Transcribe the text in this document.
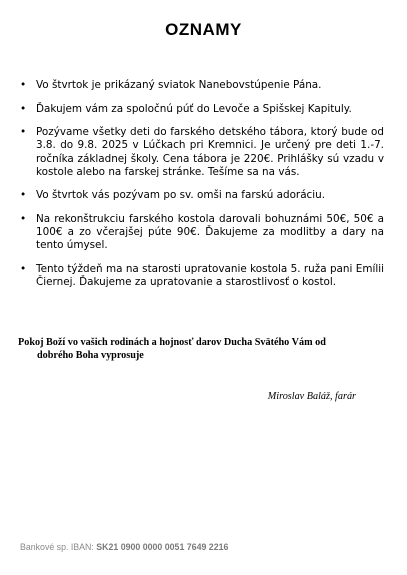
OZNAMY
• Vo štvrtok je prikázaný sviatok Nanebovstúpenie Pána.
• Ďakujem vám za spoločnú púť do Levoče a Spišskej Kapituly.
• Pozývame všetky deti do farského detského tábora, ktorý bude od 3.8. do 9.8. 2025 v Lúčkach pri Kremnici. Je určený pre deti 1.-7. ročníka základnej školy. Cena tábora je 220€. Prihlášky sú vzadu v kostole alebo na farskej stránke. Tešíme sa na vás.
• Vo štvrtok vás pozývam po sv. omši na farskú adoráciu.
• Na rekonštrukciu farského kostola darovali bohuznámi 50€, 50€ a 100€ a zo včerajšej púte 90€. Ďakujeme za modlitby a dary na tento úmysel.
• Tento týždeň ma na starosti upratovanie kostola 5. ruža pani Emílii Čiernej. Ďakujeme za upratovanie a starostlivosť o kostol.
Pokoj Boží vo vašich rodinách a hojnosť darov Ducha Svätého Vám od
dobrého Boha vyprosuje
Miroslav Baláž, farár
Bankové sp. IBAN: SK21 0900 0000 0051 7649 2216
